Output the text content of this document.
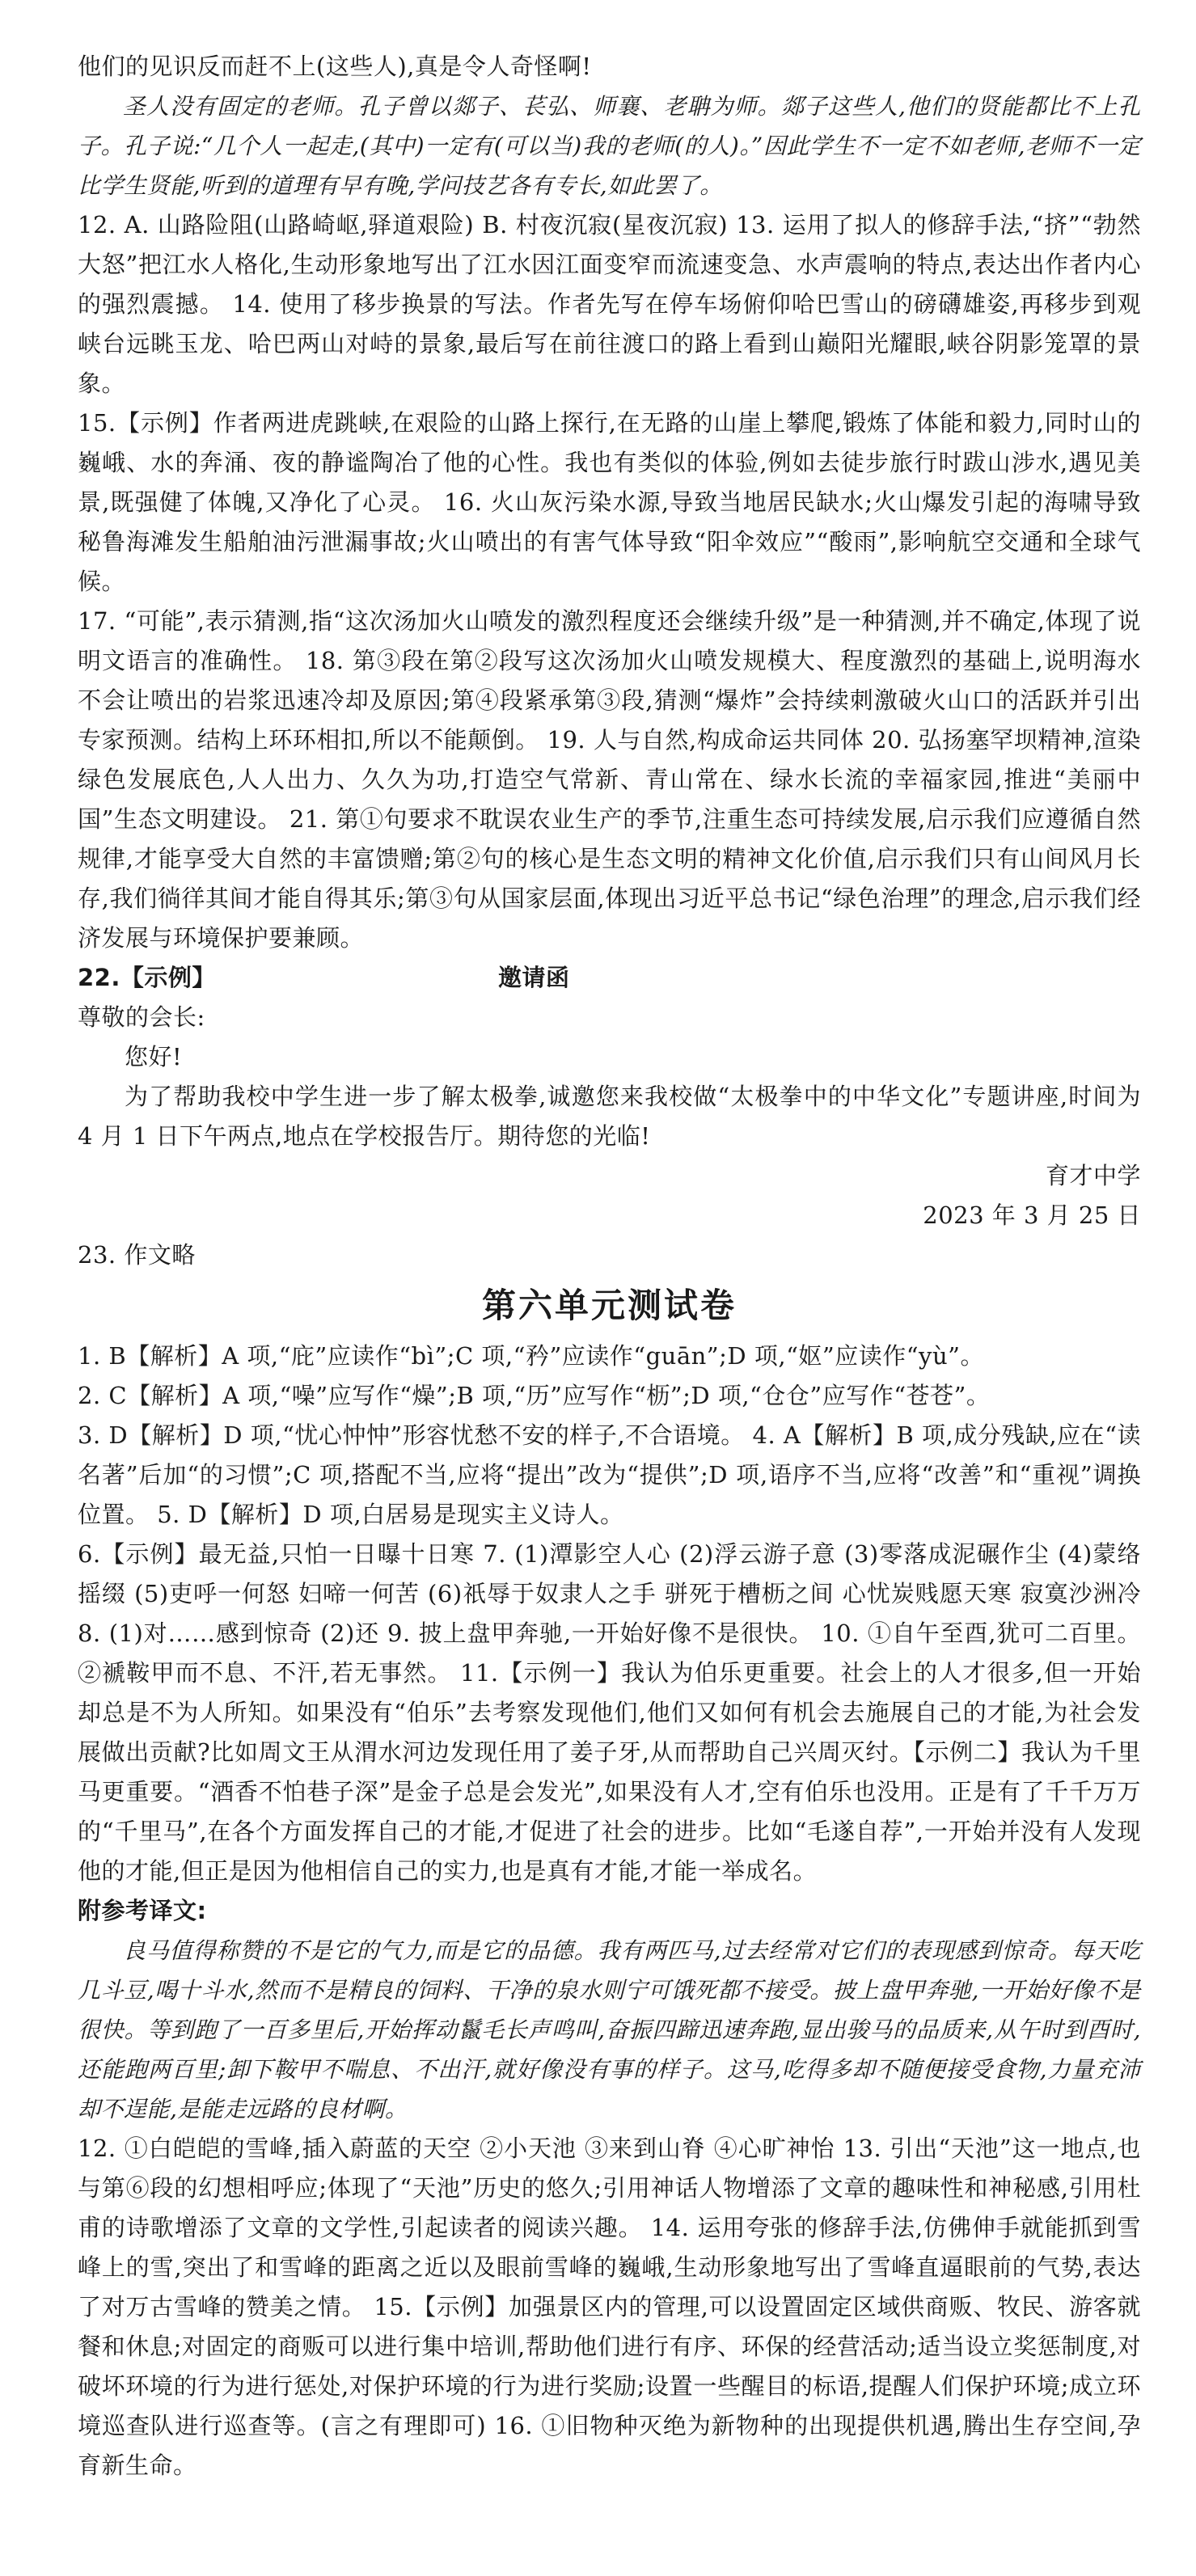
他们的见识反而赶不上(这些人),真是令人奇怪啊!

圣人没有固定的老师。孔子曾以郯子、苌弘、师襄、老聃为师。郯子这些人,他们的贤能都比不上孔子。孔子说:“几个人一起走,(其中)一定有(可以当)我的老师(的人)。”因此学生不一定不如老师,老师不一定比学生贤能,听到的道理有早有晚,学问技艺各有专长,如此罢了。

12. A. 山路险阻(山路崎岖,驿道艰险) B. 村夜沉寂(星夜沉寂) 13. 运用了拟人的修辞手法,“挤”“勃然大怒”把江水人格化,生动形象地写出了江水因江面变窄而流速变急、水声震响的特点,表达出作者内心的强烈震撼。 14. 使用了移步换景的写法。作者先写在停车场俯仰哈巴雪山的磅礴雄姿,再移步到观峡台远眺玉龙、哈巴两山对峙的景象,最后写在前往渡口的路上看到山巅阳光耀眼,峡谷阴影笼罩的景象。

15.【示例】作者两进虎跳峡,在艰险的山路上探行,在无路的山崖上攀爬,锻炼了体能和毅力,同时山的巍峨、水的奔涌、夜的静谧陶冶了他的心性。我也有类似的体验,例如去徒步旅行时跋山涉水,遇见美景,既强健了体魄,又净化了心灵。 16. 火山灰污染水源,导致当地居民缺水;火山爆发引起的海啸导致秘鲁海滩发生船舶油污泄漏事故;火山喷出的有害气体导致“阳伞效应”“酸雨”,影响航空交通和全球气候。

17. “可能”,表示猜测,指“这次汤加火山喷发的激烈程度还会继续升级”是一种猜测,并不确定,体现了说明文语言的准确性。 18. 第③段在第②段写这次汤加火山喷发规模大、程度激烈的基础上,说明海水不会让喷出的岩浆迅速冷却及原因;第④段紧承第③段,猜测“爆炸”会持续刺激破火山口的活跃并引出专家预测。结构上环环相扣,所以不能颠倒。 19. 人与自然,构成命运共同体 20. 弘扬塞罕坝精神,渲染绿色发展底色,人人出力、久久为功,打造空气常新、青山常在、绿水长流的幸福家园,推进“美丽中国”生态文明建设。 21. 第①句要求不耽误农业生产的季节,注重生态可持续发展,启示我们应遵循自然规律,才能享受大自然的丰富馈赠;第②句的核心是生态文明的精神文化价值,启示我们只有山间风月长存,我们徜徉其间才能自得其乐;第③句从国家层面,体现出习近平总书记“绿色治理”的理念,启示我们经济发展与环境保护要兼顾。

22.【示例】	邀请函

尊敬的会长:

您好!

为了帮助我校中学生进一步了解太极拳,诚邀您来我校做“太极拳中的中华文化”专题讲座,时间为 4 月 1 日下午两点,地点在学校报告厅。期待您的光临!

育才中学

2023 年 3 月 25 日

23. 作文略

第六单元测试卷

1. B【解析】A 项,“庇”应读作“bì”;C 项,“矜”应读作“guān”;D 项,“妪”应读作“yù”。

2. C【解析】A 项,“噪”应写作“燥”;B 项,“历”应写作“枥”;D 项,“仓仓”应写作“苍苍”。

3. D【解析】D 项,“忧心忡忡”形容忧愁不安的样子,不合语境。 4. A【解析】B 项,成分残缺,应在“读名著”后加“的习惯”;C 项,搭配不当,应将“提出”改为“提供”;D 项,语序不当,应将“改善”和“重视”调换位置。 5. D【解析】D 项,白居易是现实主义诗人。

6.【示例】最无益,只怕一日曝十日寒 7. (1)潭影空人心 (2)浮云游子意 (3)零落成泥碾作尘 (4)蒙络摇缀 (5)吏呼一何怒 妇啼一何苦 (6)祇辱于奴隶人之手 骈死于槽枥之间 心忧炭贱愿天寒 寂寞沙洲冷 8. (1)对……感到惊奇 (2)还 9. 披上盘甲奔驰,一开始好像不是很快。 10. ①自午至酉,犹可二百里。②褫鞍甲而不息、不汗,若无事然。 11.【示例一】我认为伯乐更重要。社会上的人才很多,但一开始却总是不为人所知。如果没有“伯乐”去考察发现他们,他们又如何有机会去施展自己的才能,为社会发展做出贡献?比如周文王从渭水河边发现任用了姜子牙,从而帮助自己兴周灭纣。【示例二】我认为千里马更重要。“酒香不怕巷子深”是金子总是会发光”,如果没有人才,空有伯乐也没用。正是有了千千万万的“千里马”,在各个方面发挥自己的才能,才促进了社会的进步。比如“毛遂自荐”,一开始并没有人发现他的才能,但正是因为他相信自己的实力,也是真有才能,才能一举成名。

附参考译文:

良马值得称赞的不是它的气力,而是它的品德。我有两匹马,过去经常对它们的表现感到惊奇。每天吃几斗豆,喝十斗水,然而不是精良的饲料、干净的泉水则宁可饿死都不接受。披上盘甲奔驰,一开始好像不是很快。等到跑了一百多里后,开始挥动鬣毛长声鸣叫,奋振四蹄迅速奔跑,显出骏马的品质来,从午时到酉时,还能跑两百里;卸下鞍甲不喘息、不出汗,就好像没有事的样子。这马,吃得多却不随便接受食物,力量充沛却不逞能,是能走远路的良材啊。

12. ①白皑皑的雪峰,插入蔚蓝的天空 ②小天池 ③来到山脊 ④心旷神怡 13. 引出“天池”这一地点,也与第⑥段的幻想相呼应;体现了“天池”历史的悠久;引用神话人物增添了文章的趣味性和神秘感,引用杜甫的诗歌增添了文章的文学性,引起读者的阅读兴趣。 14. 运用夸张的修辞手法,仿佛伸手就能抓到雪峰上的雪,突出了和雪峰的距离之近以及眼前雪峰的巍峨,生动形象地写出了雪峰直逼眼前的气势,表达了对万古雪峰的赞美之情。 15.【示例】加强景区内的管理,可以设置固定区域供商贩、牧民、游客就餐和休息;对固定的商贩可以进行集中培训,帮助他们进行有序、环保的经营活动;适当设立奖惩制度,对破坏环境的行为进行惩处,对保护环境的行为进行奖励;设置一些醒目的标语,提醒人们保护环境;成立环境巡查队进行巡查等。(言之有理即可) 16. ①旧物种灭绝为新物种的出现提供机遇,腾出生存空间,孕育新生命。
